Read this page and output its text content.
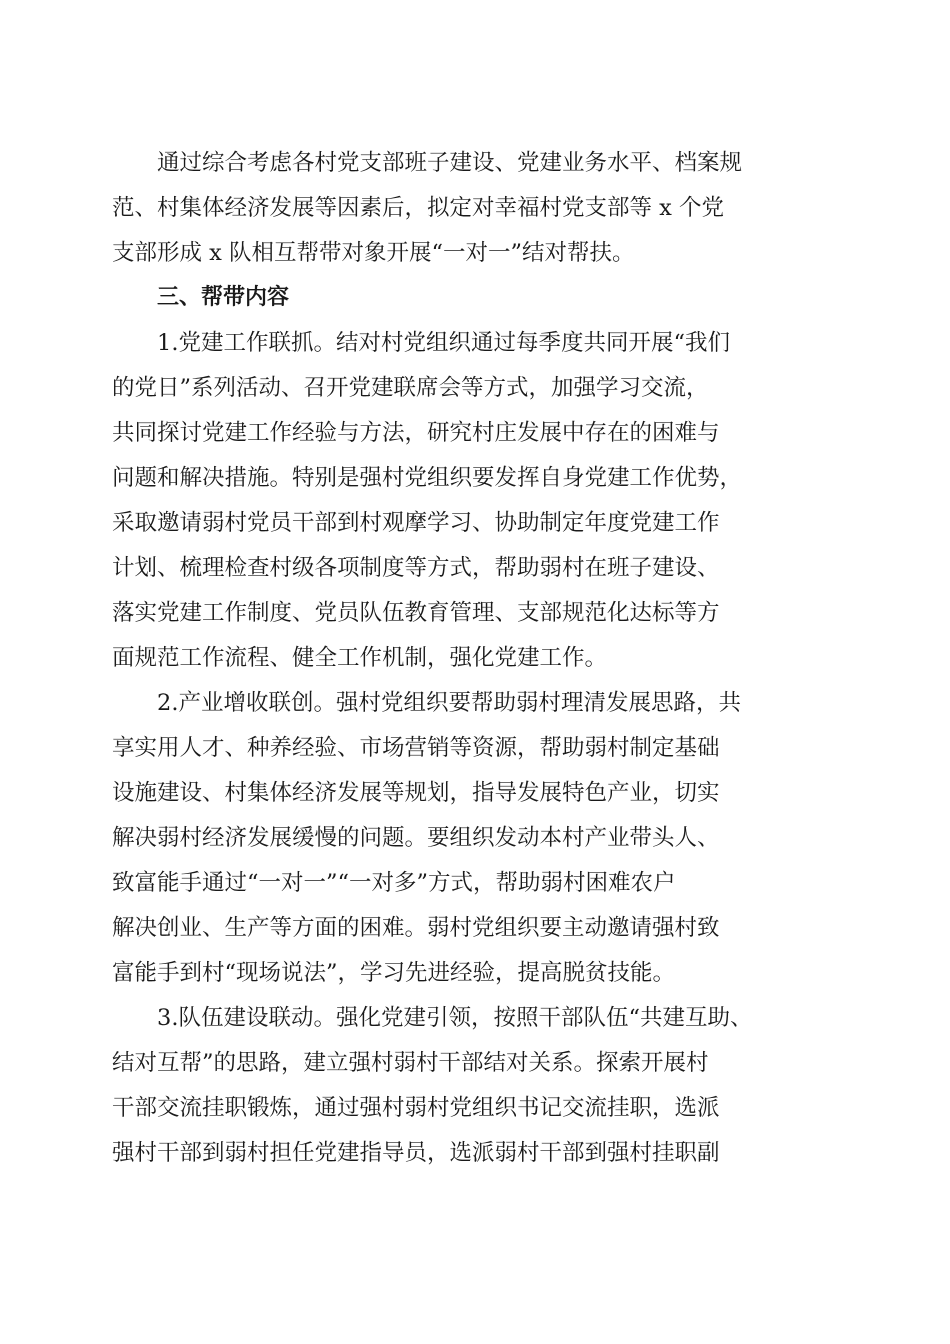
通过综合考虑各村党支部班子建设、党建业务水平、档案规
范、村集体经济发展等因素后，拟定对幸福村党支部等 x 个党
支部形成 x 队相互帮带对象开展“一对一”结对帮扶。
三、帮带内容
1.党建工作联抓。结对村党组织通过每季度共同开展“我们
的党日”系列活动、召开党建联席会等方式，加强学习交流，
共同探讨党建工作经验与方法，研究村庄发展中存在的困难与
问题和解决措施。特别是强村党组织要发挥自身党建工作优势，
采取邀请弱村党员干部到村观摩学习、协助制定年度党建工作
计划、梳理检查村级各项制度等方式，帮助弱村在班子建设、
落实党建工作制度、党员队伍教育管理、支部规范化达标等方
面规范工作流程、健全工作机制，强化党建工作。
2.产业增收联创。强村党组织要帮助弱村理清发展思路，共
享实用人才、种养经验、市场营销等资源，帮助弱村制定基础
设施建设、村集体经济发展等规划，指导发展特色产业，切实
解决弱村经济发展缓慢的问题。要组织发动本村产业带头人、
致富能手通过“一对一”“一对多”方式，帮助弱村困难农户
解决创业、生产等方面的困难。弱村党组织要主动邀请强村致
富能手到村“现场说法”，学习先进经验，提高脱贫技能。
3.队伍建设联动。强化党建引领，按照干部队伍“共建互助、
结对互帮”的思路，建立强村弱村干部结对关系。探索开展村
干部交流挂职锻炼，通过强村弱村党组织书记交流挂职，选派
强村干部到弱村担任党建指导员，选派弱村干部到强村挂职副
